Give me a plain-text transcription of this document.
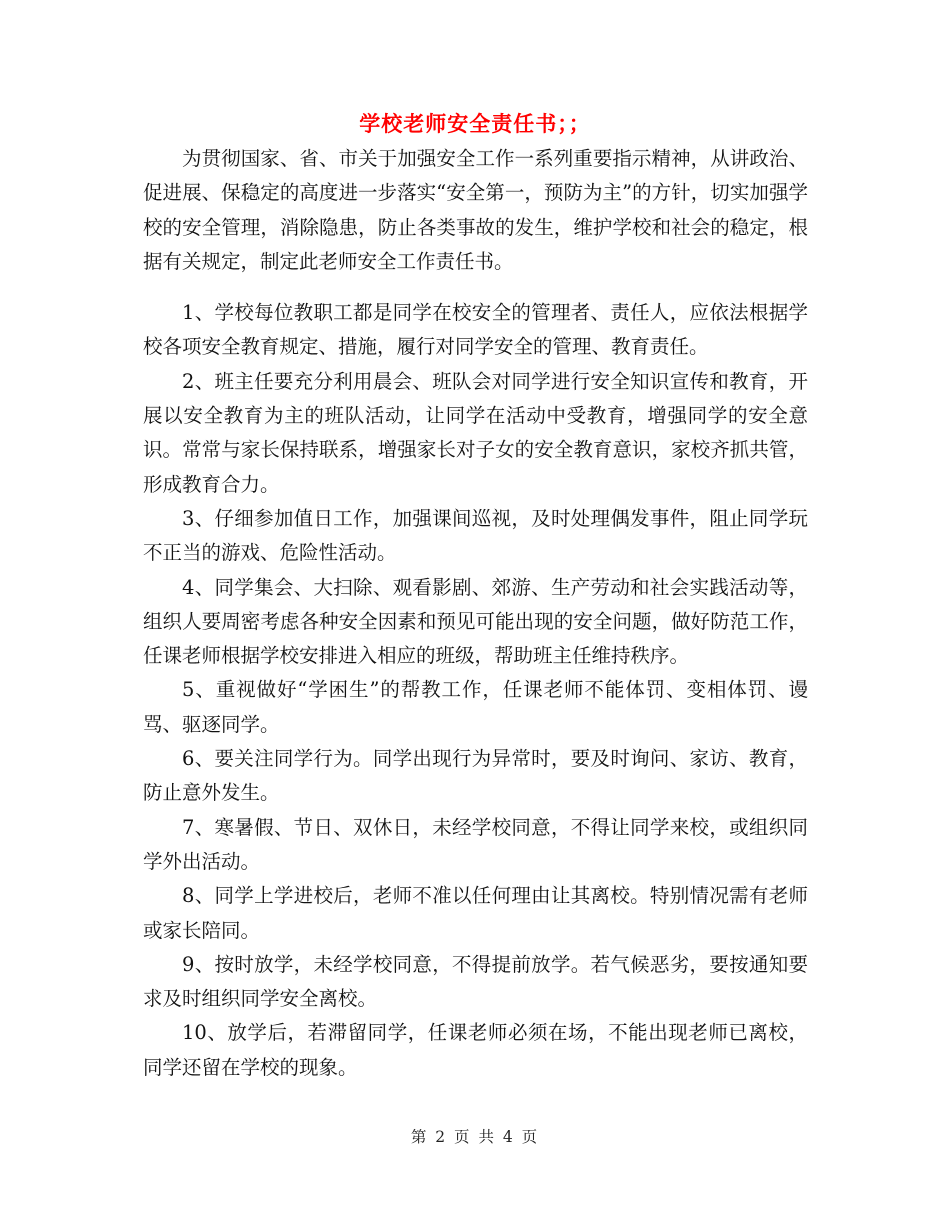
学校老师安全责任书；；

为贯彻国家、省、市关于加强安全工作一系列重要指示精神，从讲政治、促进展、保稳定的高度进一步落实“安全第一，预防为主”的方针，切实加强学校的安全管理，消除隐患，防止各类事故的发生，维护学校和社会的稳定，根据有关规定，制定此老师安全工作责任书。

1、学校每位教职工都是同学在校安全的管理者、责任人，应依法根据学校各项安全教育规定、措施，履行对同学安全的管理、教育责任。

2、班主任要充分利用晨会、班队会对同学进行安全知识宣传和教育，开展以安全教育为主的班队活动，让同学在活动中受教育，增强同学的安全意识。常常与家长保持联系，增强家长对子女的安全教育意识，家校齐抓共管，形成教育合力。

3、仔细参加值日工作，加强课间巡视，及时处理偶发事件，阻止同学玩不正当的游戏、危险性活动。

4、同学集会、大扫除、观看影剧、郊游、生产劳动和社会实践活动等，组织人要周密考虑各种安全因素和预见可能出现的安全问题，做好防范工作，任课老师根据学校安排进入相应的班级，帮助班主任维持秩序。

5、重视做好“学困生”的帮教工作，任课老师不能体罚、变相体罚、谩骂、驱逐同学。

6、要关注同学行为。同学出现行为异常时，要及时询问、家访、教育，防止意外发生。

7、寒暑假、节日、双休日，未经学校同意，不得让同学来校，或组织同学外出活动。

8、同学上学进校后，老师不准以任何理由让其离校。特别情况需有老师或家长陪同。

9、按时放学，未经学校同意，不得提前放学。若气候恶劣，要按通知要求及时组织同学安全离校。

10、放学后，若滞留同学，任课老师必须在场，不能出现老师已离校，同学还留在学校的现象。

第 2 页 共 4 页
